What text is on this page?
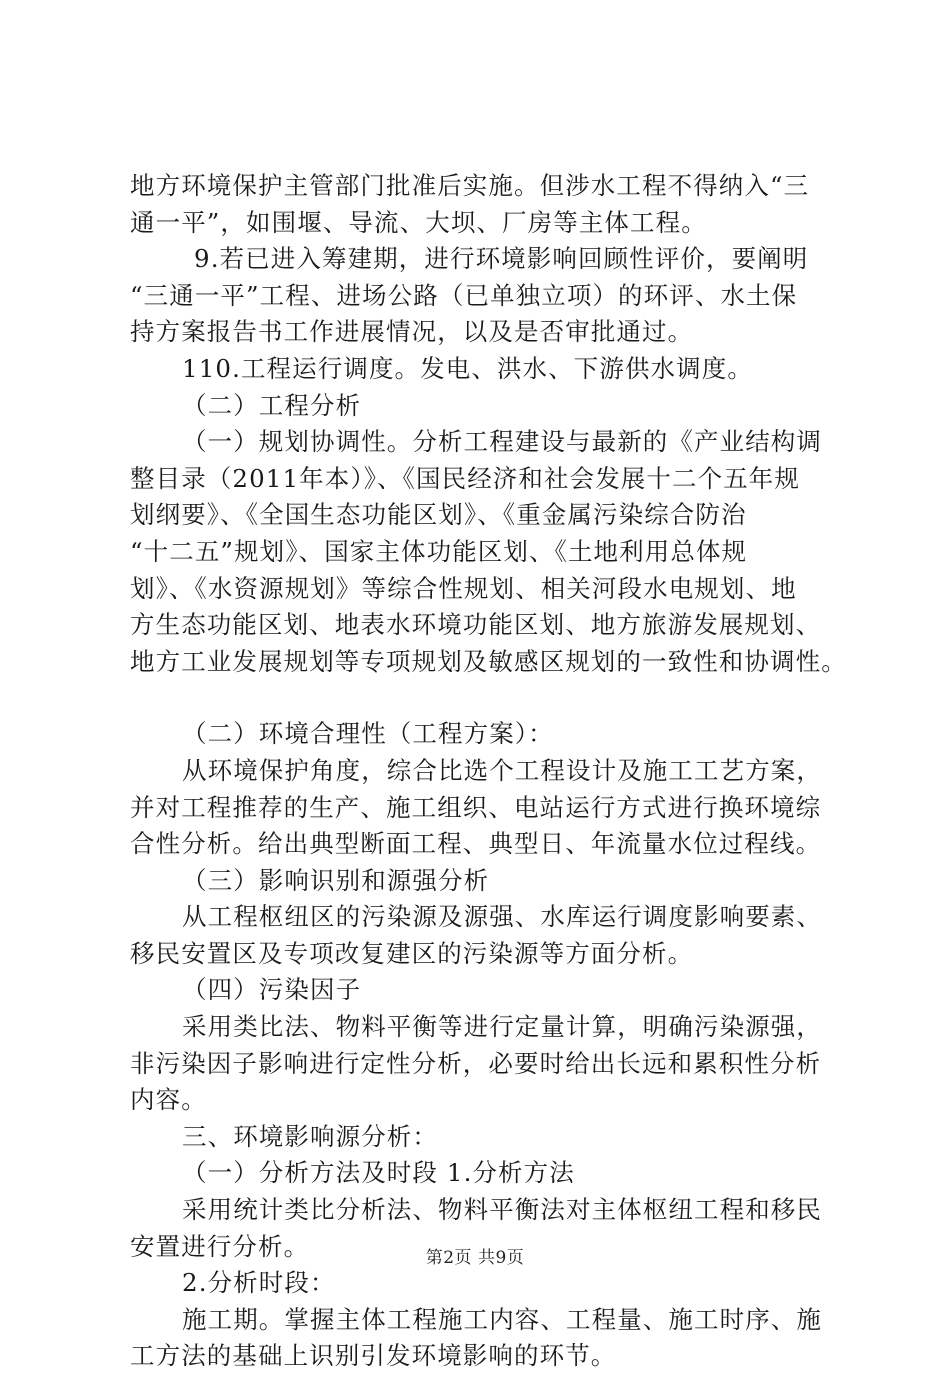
地方环境保护主管部门批准后实施。但涉水工程不得纳入“三
通一平”，如围堰、导流、大坝、厂房等主体工程。
9.若已进入筹建期，进行环境影响回顾性评价，要阐明
“三通一平”工程、进场公路（已单独立项）的环评、水土保
持方案报告书工作进展情况，以及是否审批通过。
110.工程运行调度。发电、洪水、下游供水调度。
（二）工程分析
（一）规划协调性。分析工程建设与最新的《产业结构调
整目录（2011年本）》、《国民经济和社会发展十二个五年规
划纲要》、《全国生态功能区划》、《重金属污染综合防治
“十二五”规划》、国家主体功能区划、《土地利用总体规
划》、《水资源规划》等综合性规划、相关河段水电规划、地
方生态功能区划、地表水环境功能区划、地方旅游发展规划、
地方工业发展规划等专项规划及敏感区规划的一致性和协调性。
（二）环境合理性（工程方案）：
从环境保护角度，综合比选个工程设计及施工工艺方案，
并对工程推荐的生产、施工组织、电站运行方式进行换环境综
合性分析。给出典型断面工程、典型日、年流量水位过程线。
（三）影响识别和源强分析
从工程枢纽区的污染源及源强、水库运行调度影响要素、
移民安置区及专项改复建区的污染源等方面分析。
（四）污染因子
采用类比法、物料平衡等进行定量计算，明确污染源强，
非污染因子影响进行定性分析，必要时给出长远和累积性分析
内容。
三、环境影响源分析：
（一）分析方法及时段 1.分析方法
采用统计类比分析法、物料平衡法对主体枢纽工程和移民
安置进行分析。
2.分析时段：
施工期。掌握主体工程施工内容、工程量、施工时序、施
工方法的基础上识别引发环境影响的环节。
第2页 共9页
